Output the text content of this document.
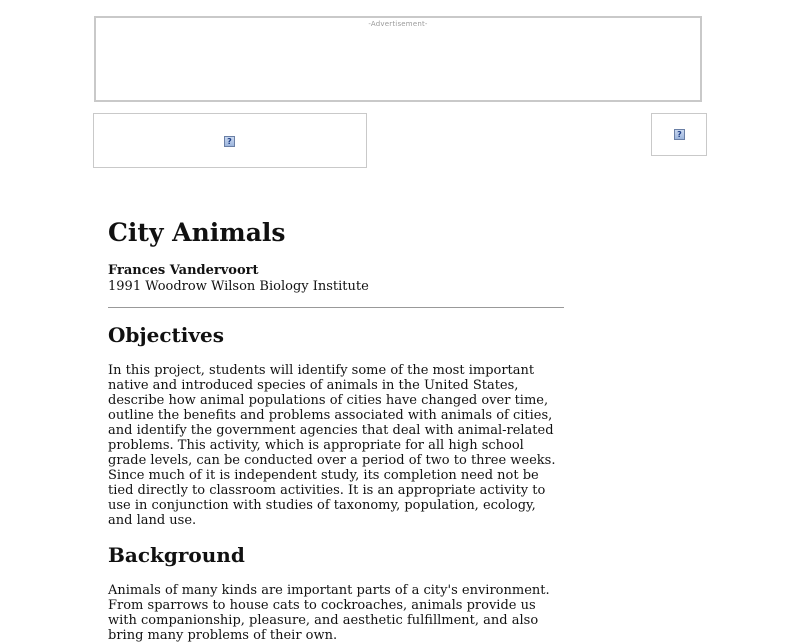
-Advertisement-
?
?
City Animals
Frances Vandervoort
1991 Woodrow Wilson Biology Institute
Objectives

In this project, students will identify some of the most important native and introduced species of animals in the United States, describe how animal populations of cities have changed over time, outline the benefits and problems associated with animals of cities, and identify the government agencies that deal with animal-related problems. This activity, which is appropriate for all high school grade levels, can be conducted over a period of two to three weeks. Since much of it is independent study, its completion need not be tied directly to classroom activities. It is an appropriate activity to use in conjunction with studies of taxonomy, population, ecology, and land use.

Background

Animals of many kinds are important parts of a city's environment. From sparrows to house cats to cockroaches, animals provide us with companionship, pleasure, and aesthetic fulfillment, and also bring many problems of their own.
